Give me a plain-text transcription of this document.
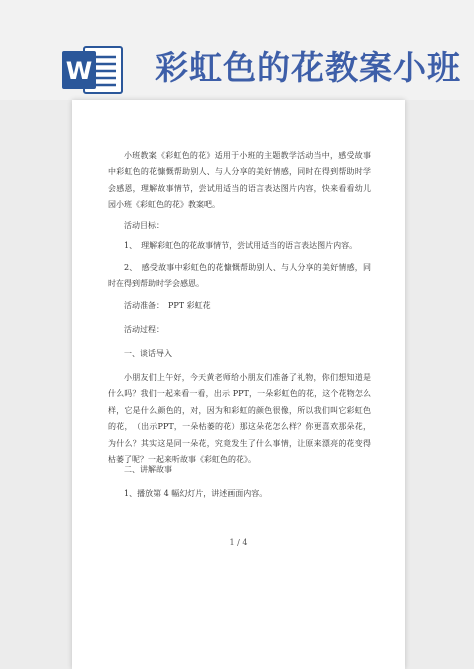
W 彩虹色的花教案小班

小班教案《彩虹色的花》适用于小班的主题教学活动当中，感受故事中彩虹色的花慷慨帮助别人、与人分享的美好情感，同时在得到帮助时学会感恩，理解故事情节，尝试用适当的语言表达图片内容，快来看看幼儿园小班《彩虹色的花》教案吧。

活动目标：

1、　理解彩虹色的花故事情节，尝试用适当的语言表达图片内容。

2、　感受故事中彩虹色的花慷慨帮助别人、与人分享的美好情感，同时在得到帮助时学会感恩。

活动准备：　PPT 彩虹花

活动过程：

一、谈话导入

小朋友们上午好，今天黄老师给小朋友们准备了礼物，你们想知道是什么吗？我们一起来看一看，出示 PPT，一朵彩虹色的花，这个花物怎么样，它是什么颜色的，对，因为和彩虹的颜色很像，所以我们叫它彩虹色的花，　（出示PPT，一朵枯萎的花）那这朵花怎么样？你更喜欢那朵花，为什么？其实这是同一朵花，究竟发生了什么事情，让原来漂亮的花变得枯萎了呢？一起来听故事《彩虹色的花》。

二、讲解故事

1、播放第 4 幅幻灯片，讲述画面内容。

1 / 4
